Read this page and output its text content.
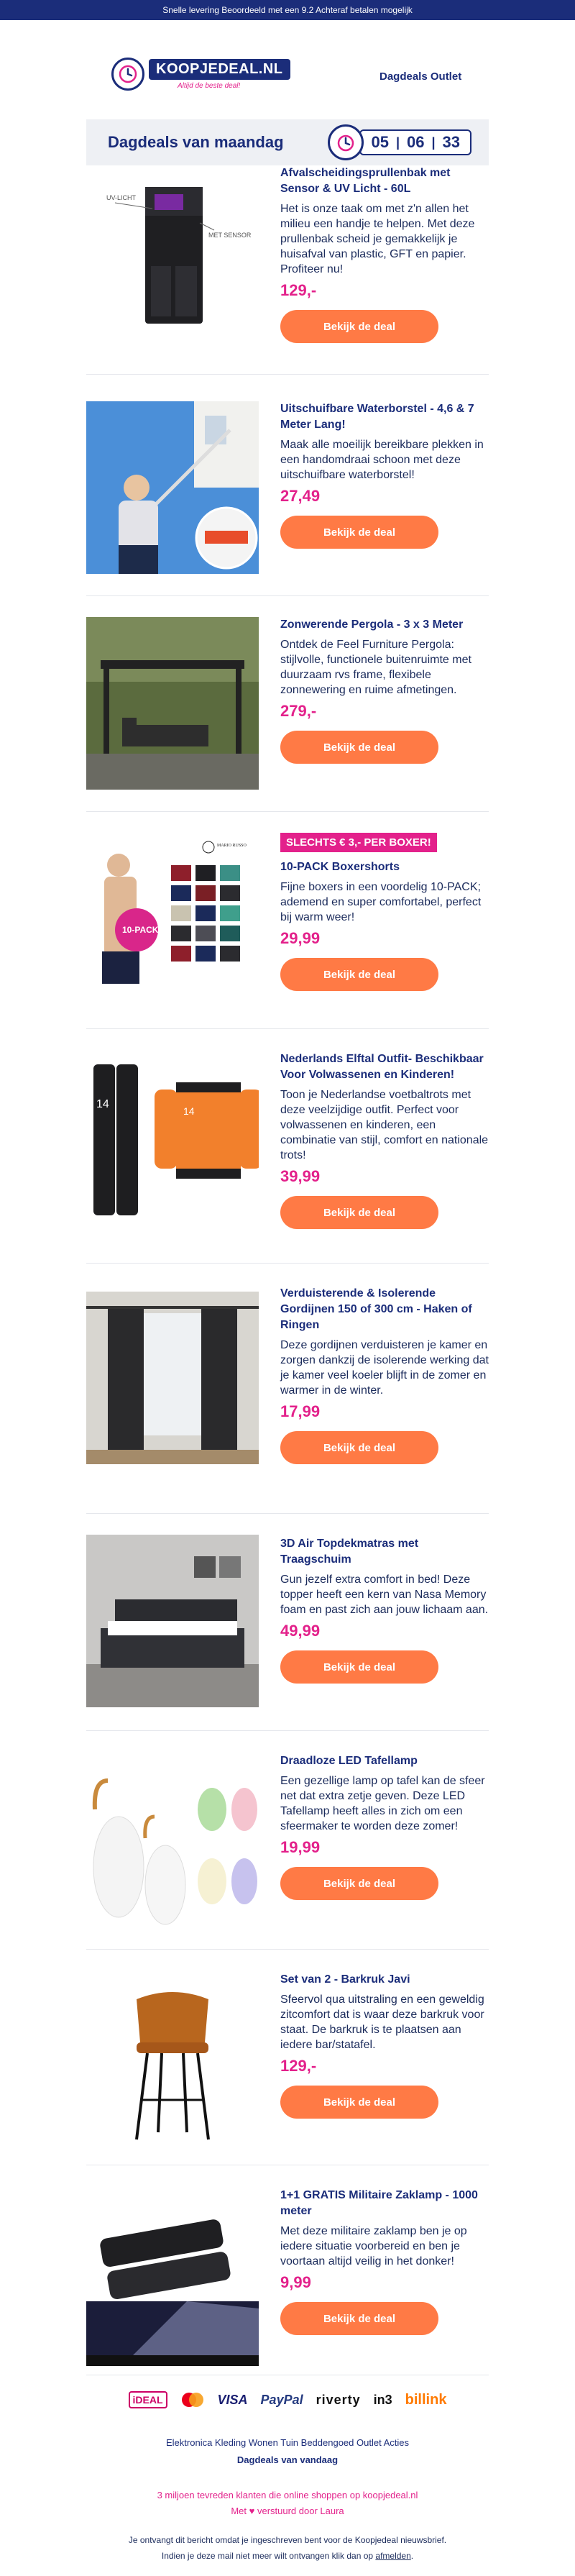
Snelle levering Beoordeeld met een 9.2 Achteraf betalen mogelijk
KOOPJEDEAL.NL
Altijd de beste deal!
Dagdeals Outlet
Dagdeals van maandag	05 | 06 | 33
UV-LICHT
MET SENSOR

Afvalscheidingsprullenbak met Sensor & UV Licht - 60L

Het is onze taak om met z'n allen het milieu een handje te helpen. Met deze prullenbak scheid je gemakkelijk je huisafval van plastic, GFT en papier. Profiteer nu!

129,-

Bekijk de deal

Uitschuifbare Waterborstel - 4,6 & 7 Meter Lang!

Maak alle moeilijk bereikbare plekken in een handomdraai schoon met deze uitschuifbare waterborstel!

27,49

Bekijk de deal

Zonwerende Pergola - 3 x 3 Meter

Ontdek de Feel Furniture Pergola: stijlvolle, functionele buitenruimte met duurzaam rvs frame, flexibele zonnewering en ruime afmetingen.

279,-

Bekijk de deal
10-PACK
MARIO RUSSO	SLECHTS € 3,- PER BOXER!

10-PACK Boxershorts

Fijne boxers in een voordelig 10-PACK; ademend en super comfortabel, perfect bij warm weer!

29,99

Bekijk de deal
14
14

Nederlands Elftal Outfit- Beschikbaar Voor Volwassenen en Kinderen!

Toon je Nederlandse voetbaltrots met deze veelzijdige outfit. Perfect voor volwassenen en kinderen, een combinatie van stijl, comfort en nationale trots!

39,99

Bekijk de deal

Verduisterende & Isolerende Gordijnen 150 of 300 cm - Haken of Ringen

Deze gordijnen verduisteren je kamer en zorgen dankzij de isolerende werking dat je kamer veel koeler blijft in de zomer en warmer in de winter.

17,99

Bekijk de deal

3D Air Topdekmatras met Traagschuim

Gun jezelf extra comfort in bed! Deze topper heeft een kern van Nasa Memory foam en past zich aan jouw lichaam aan.

49,99

Bekijk de deal

Draadloze LED Tafellamp

Een gezellige lamp op tafel kan de sfeer net dat extra zetje geven. Deze LED Tafellamp heeft alles in zich om een sfeermaker te worden deze zomer!

19,99

Bekijk de deal

Set van 2 - Barkruk Javi

Sfeervol qua uitstraling en een geweldig zitcomfort dat is waar deze barkruk voor staat. De barkruk is te plaatsen aan iedere bar/statafel.

129,-

Bekijk de deal

1+1 GRATIS Militaire Zaklamp - 1000 meter

Met deze militaire zaklamp ben je op iedere situatie voorbereid en ben je voortaan altijd veilig in het donker!

9,99

Bekijk de deal
iDEAL	VISA PayPal riverty in3 billink
Elektronica Kleding Wonen Tuin Beddengoed Outlet Acties
Dagdeals van vandaag
3 miljoen tevreden klanten die online shoppen op koopjedeal.nl
Met ♥ verstuurd door Laura
Je ontvangt dit bericht omdat je ingeschreven bent voor de Koopjedeal nieuwsbrief.
Indien je deze mail niet meer wilt ontvangen klik dan op afmelden.
